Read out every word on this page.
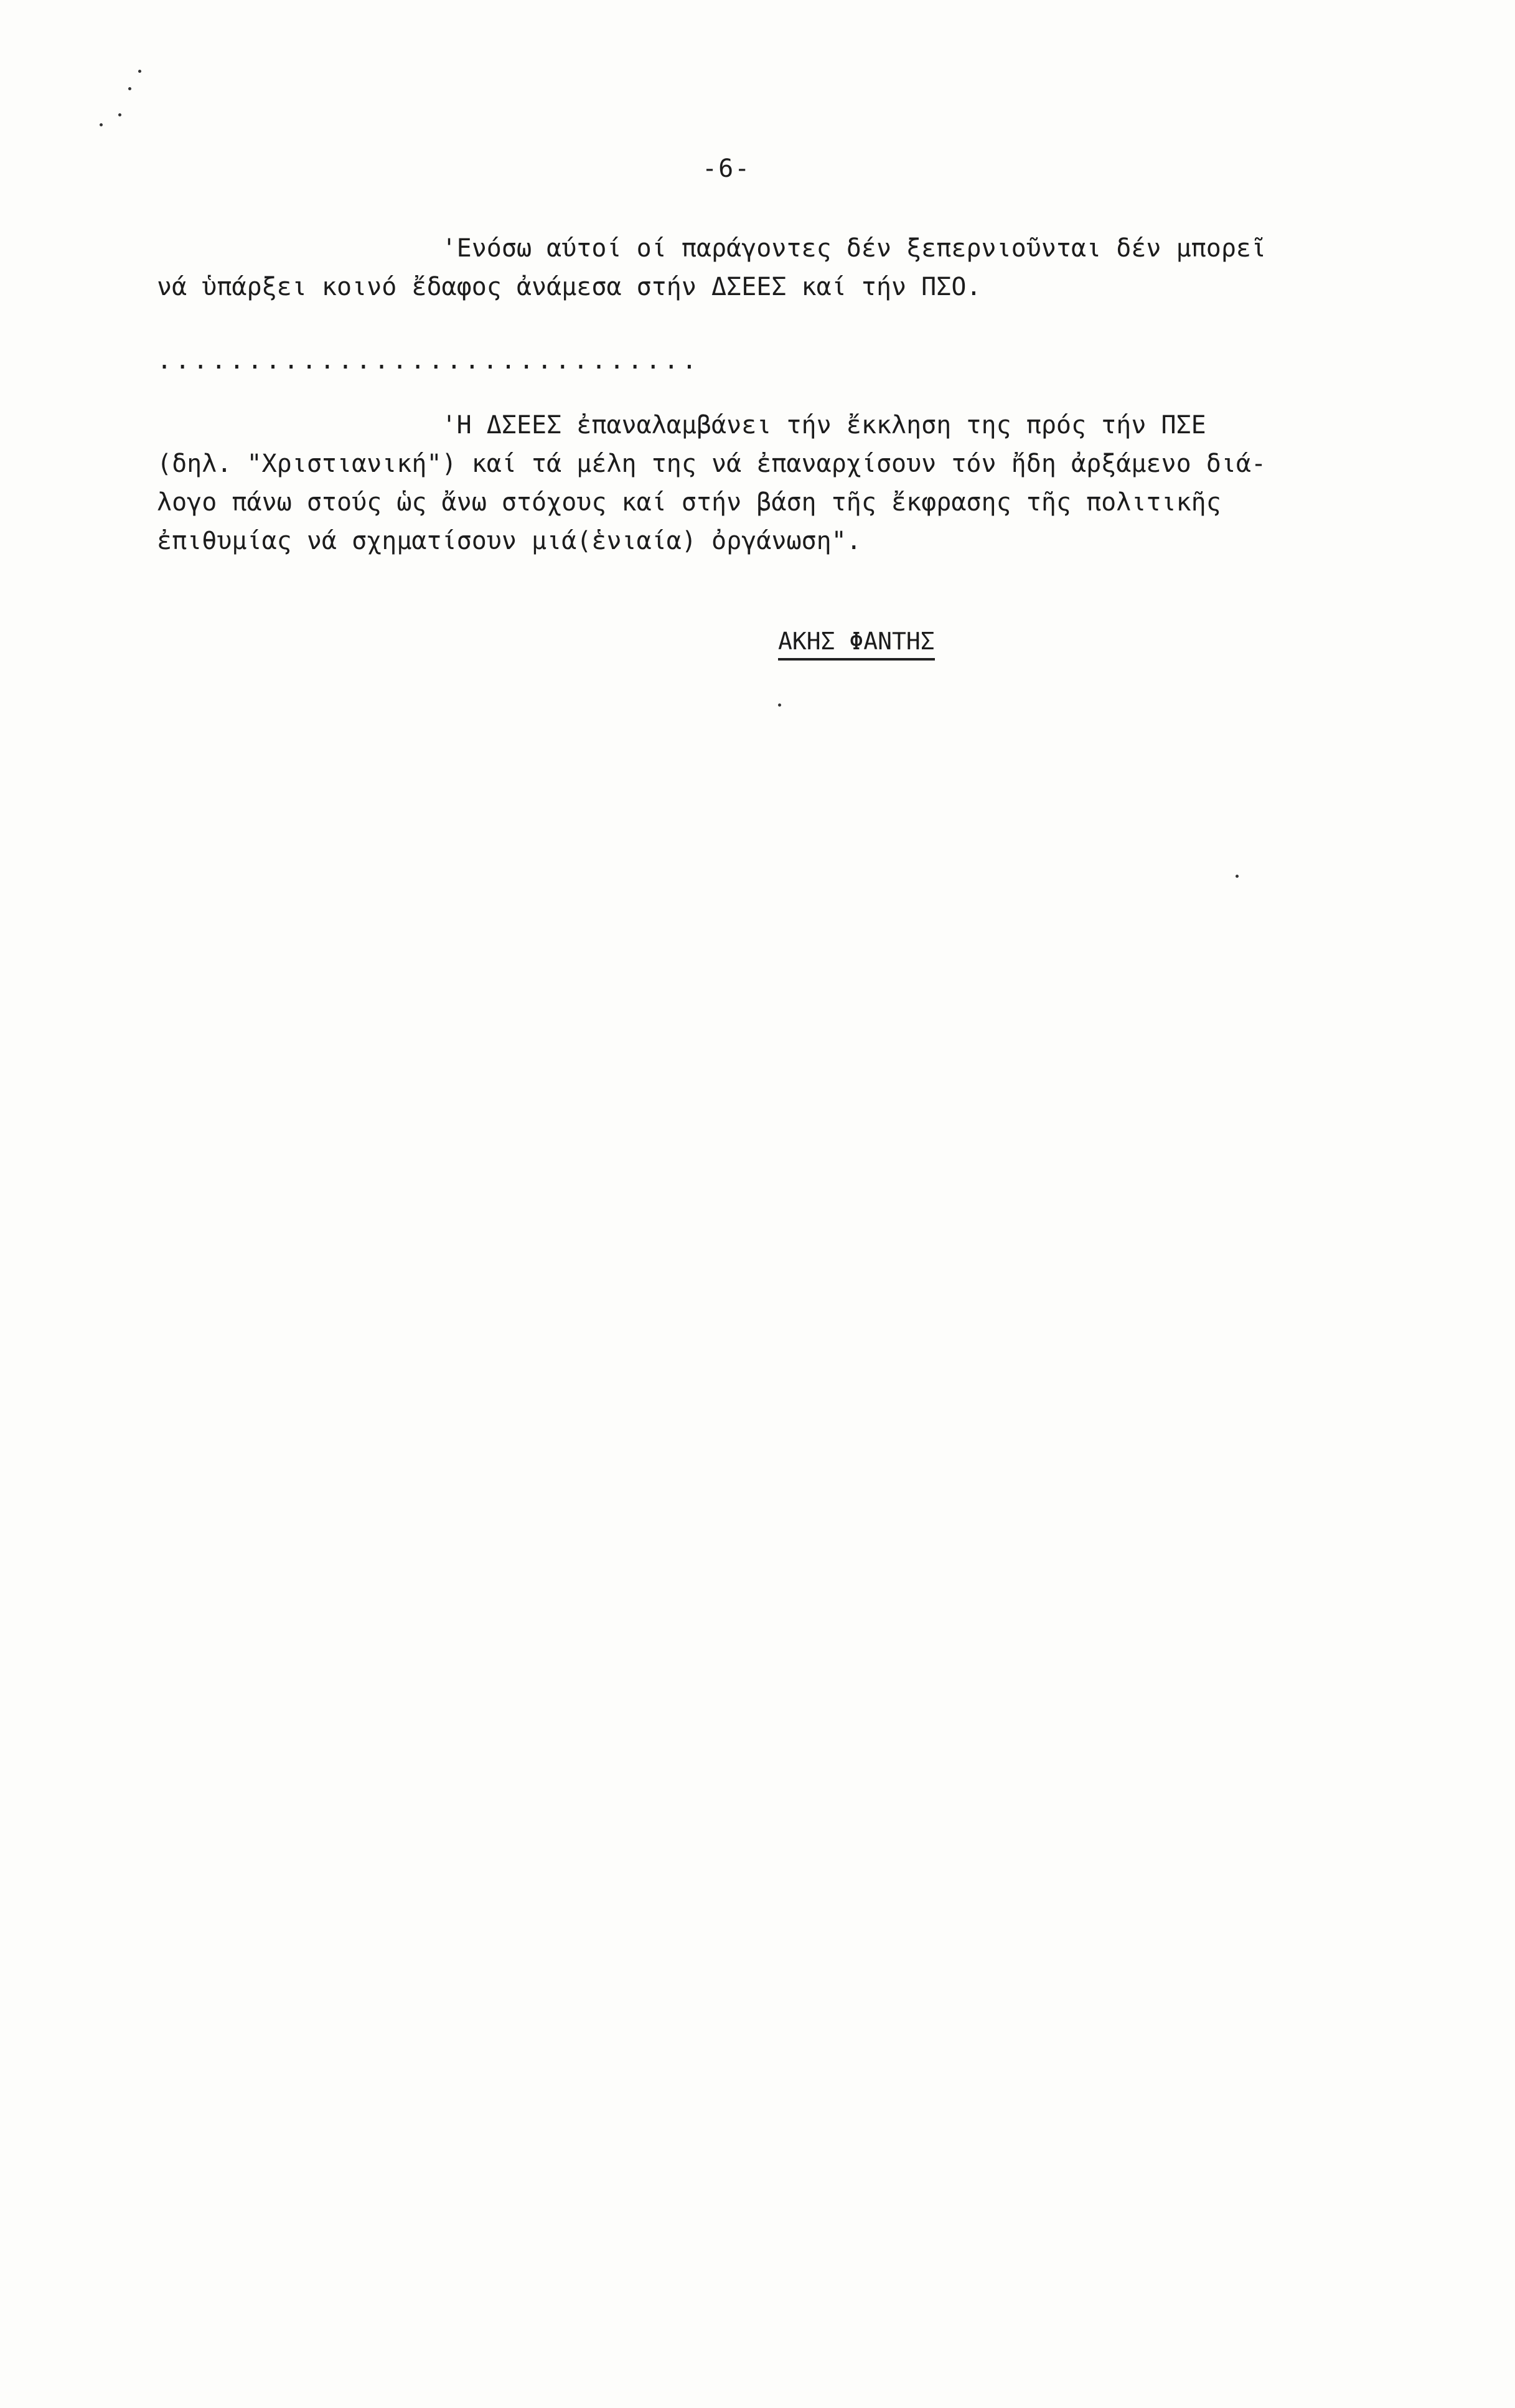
-6-
'Ενόσω αύτοί οί παράγοντες δέν ξεπερνιοῦνται δέν μπορεῖ
νά ὑπάρξει κοινό ἔδαφος ἀνάμεσα στήν ΔΣΕΕΣ καί τήν ΠΣΟ.
..............................
'Η ΔΣΕΕΣ ἐπαναλαμβάνει τήν ἔκκληση της πρός τήν ΠΣΕ
(δηλ. "Χριστιανική") καί τά μέλη της νά ἐπαναρχίσουν τόν ἤδη ἀρξάμενο διά-
λογο πάνω στούς ὡς ἄνω στόχους καί στήν βάση τῆς ἔκφρασης τῆς πολιτικῆς
ἐπιθυμίας νά σχηματίσουν μιά(ἑνιαία) ὀργάνωση".
ΑΚΗΣ ΦΑΝΤΗΣ
